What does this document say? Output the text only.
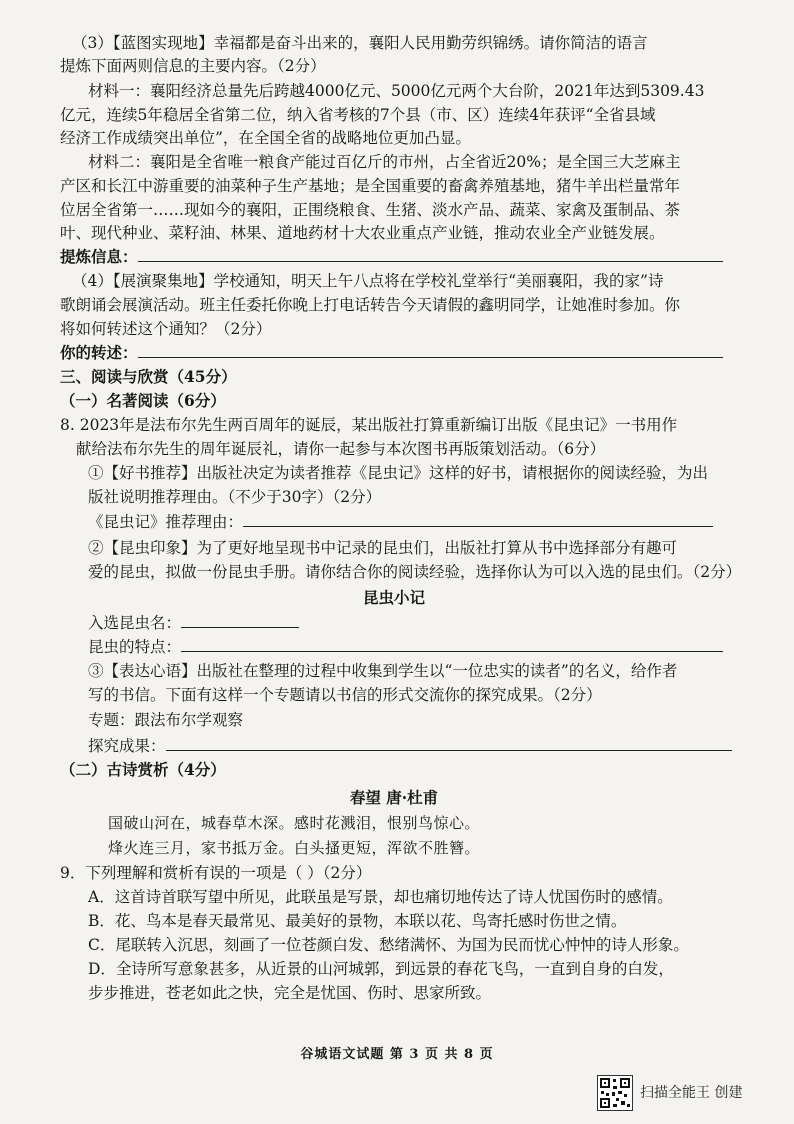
（3）【蓝图实现地】幸福都是奋斗出来的，襄阳人民用勤劳织锦绣。请你简洁的语言
提炼下面两则信息的主要内容。（2分）
材料一：襄阳经济总量先后跨越4000亿元、5000亿元两个大台阶，2021年达到5309.43
亿元，连续5年稳居全省第二位，纳入省考核的7个县（市、区）连续4年获评“全省县域
经济工作成绩突出单位”，在全国全省的战略地位更加凸显。
材料二：襄阳是全省唯一粮食产能过百亿斤的市州，占全省近20%；是全国三大芝麻主
产区和长江中游重要的油菜种子生产基地；是全国重要的畜禽养殖基地，猪牛羊出栏量常年
位居全省第一……现如今的襄阳，正围绕粮食、生猪、淡水产品、蔬菜、家禽及蛋制品、茶
叶、现代种业、菜籽油、林果、道地药材十大农业重点产业链，推动农业全产业链发展。
提炼信息：
（4）【展演聚集地】学校通知，明天上午八点将在学校礼堂举行“美丽襄阳，我的家”诗
歌朗诵会展演活动。班主任委托你晚上打电话转告今天请假的鑫明同学，让她准时参加。你
将如何转述这个通知？（2分）
你的转述：
三、阅读与欣赏（45分）
（一）名著阅读（6分）
8. 2023年是法布尔先生两百周年的诞辰，某出版社打算重新编订出版《昆虫记》一书用作
献给法布尔先生的周年诞辰礼，请你一起参与本次图书再版策划活动。（6分）
①【好书推荐】出版社决定为读者推荐《昆虫记》这样的好书，请根据你的阅读经验，为出
版社说明推荐理由。（不少于30字）（2分）
《昆虫记》推荐理由：
②【昆虫印象】为了更好地呈现书中记录的昆虫们，出版社打算从书中选择部分有趣可
爱的昆虫，拟做一份昆虫手册。请你结合你的阅读经验，选择你认为可以入选的昆虫们。（2分）
昆虫小记
入选昆虫名：
昆虫的特点：
③【表达心语】出版社在整理的过程中收集到学生以“一位忠实的读者”的名义，给作者
写的书信。下面有这样一个专题请以书信的形式交流你的探究成果。（2分）
专题：跟法布尔学观察
探究成果：
（二）古诗赏析（4分）
春望 唐·杜甫
国破山河在，城春草木深。感时花溅泪，恨别鸟惊心。
烽火连三月，家书抵万金。白头搔更短，浑欲不胜簪。
9．下列理解和赏析有误的一项是（ ）（2分）
A．这首诗首联写望中所见，此联虽是写景，却也痛切地传达了诗人忧国伤时的感情。
B．花、鸟本是春天最常见、最美好的景物，本联以花、鸟寄托感时伤世之情。
C．尾联转入沉思，刻画了一位苍颜白发、愁绪满怀、为国为民而忧心忡忡的诗人形象。
D．全诗所写意象甚多，从近景的山河城郭，到远景的春花飞鸟，一直到自身的白发，
步步推进，苍老如此之快，完全是忧国、伤时、思家所致。
谷城语文试题 第 3 页 共 8 页
扫描全能王 创建
